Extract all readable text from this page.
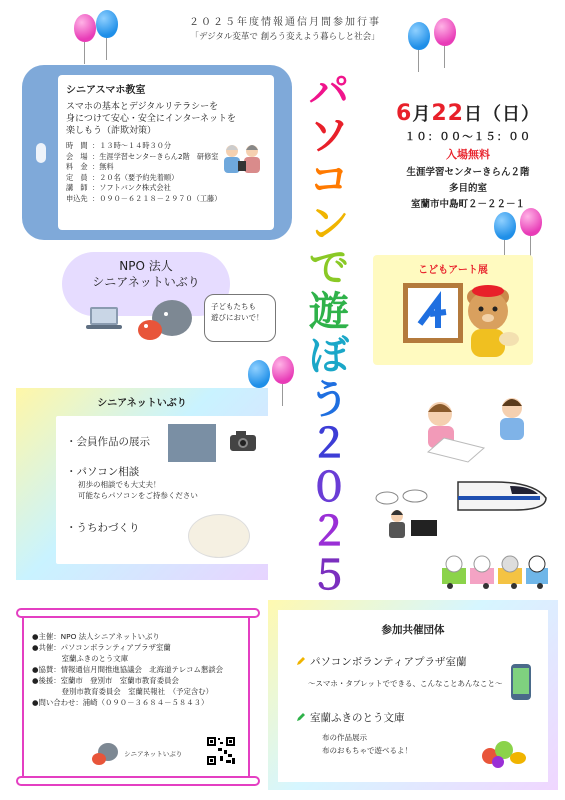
２０２５年度情報通信月間参加行事
「デジタル変革で 創ろう変えよう暮らしと社会」
シニアスマホ教室
スマホの基本とデジタルリテラシーを
身につけて安心・安全にインターネットを
楽しもう（詐欺対策）
時　間 ：１３時～１４時３０分
会　場 ：生涯学習センターきらん2階　研修室
料　金 ：無料
定　員 ：２０名（要予約先着順）
講　師 ：ソフトバンク株式会社
申込先 ：０９０－６２１８－２９７０（工藤）
パ
ソ
コ
ン
で
遊
ぼ
う
２
０
２
５
6月22日（日）
１０：００～１５：００
入場無料
生涯学習センターきらん２階
多目的室
室蘭市中島町２－２２－１
NPO 法人
シニアネットいぶり
子どもたちも
遊びにおいで！
こどもアート展
シニアネットいぶり
・会員作品の展示
・パソコン相談
初歩の相談でも大丈夫！
可能ならパソコンをご持参ください
・うちわづくり
●主催：NPO 法人シニアネットいぶり
●共催：パソコンボランティアプラザ室蘭
　　　　室蘭ふきのとう文庫
●協賛：情報通信月間推進協議会　北海道テレコム懇談会
●後援：室蘭市　登別市　室蘭市教育委員会
　　　　登別市教育委員会　室蘭民報社　（予定含む）
●問い合わせ：浦崎（０９０－３６８４－５８４３）
シニアネットいぶり
参加共催団体
パソコンボランティアプラザ室蘭
～スマホ・タブレットでできる、こんなことあんなこと～
室蘭ふきのとう文庫
布の作品展示
布のおもちゃで遊べるよ！
